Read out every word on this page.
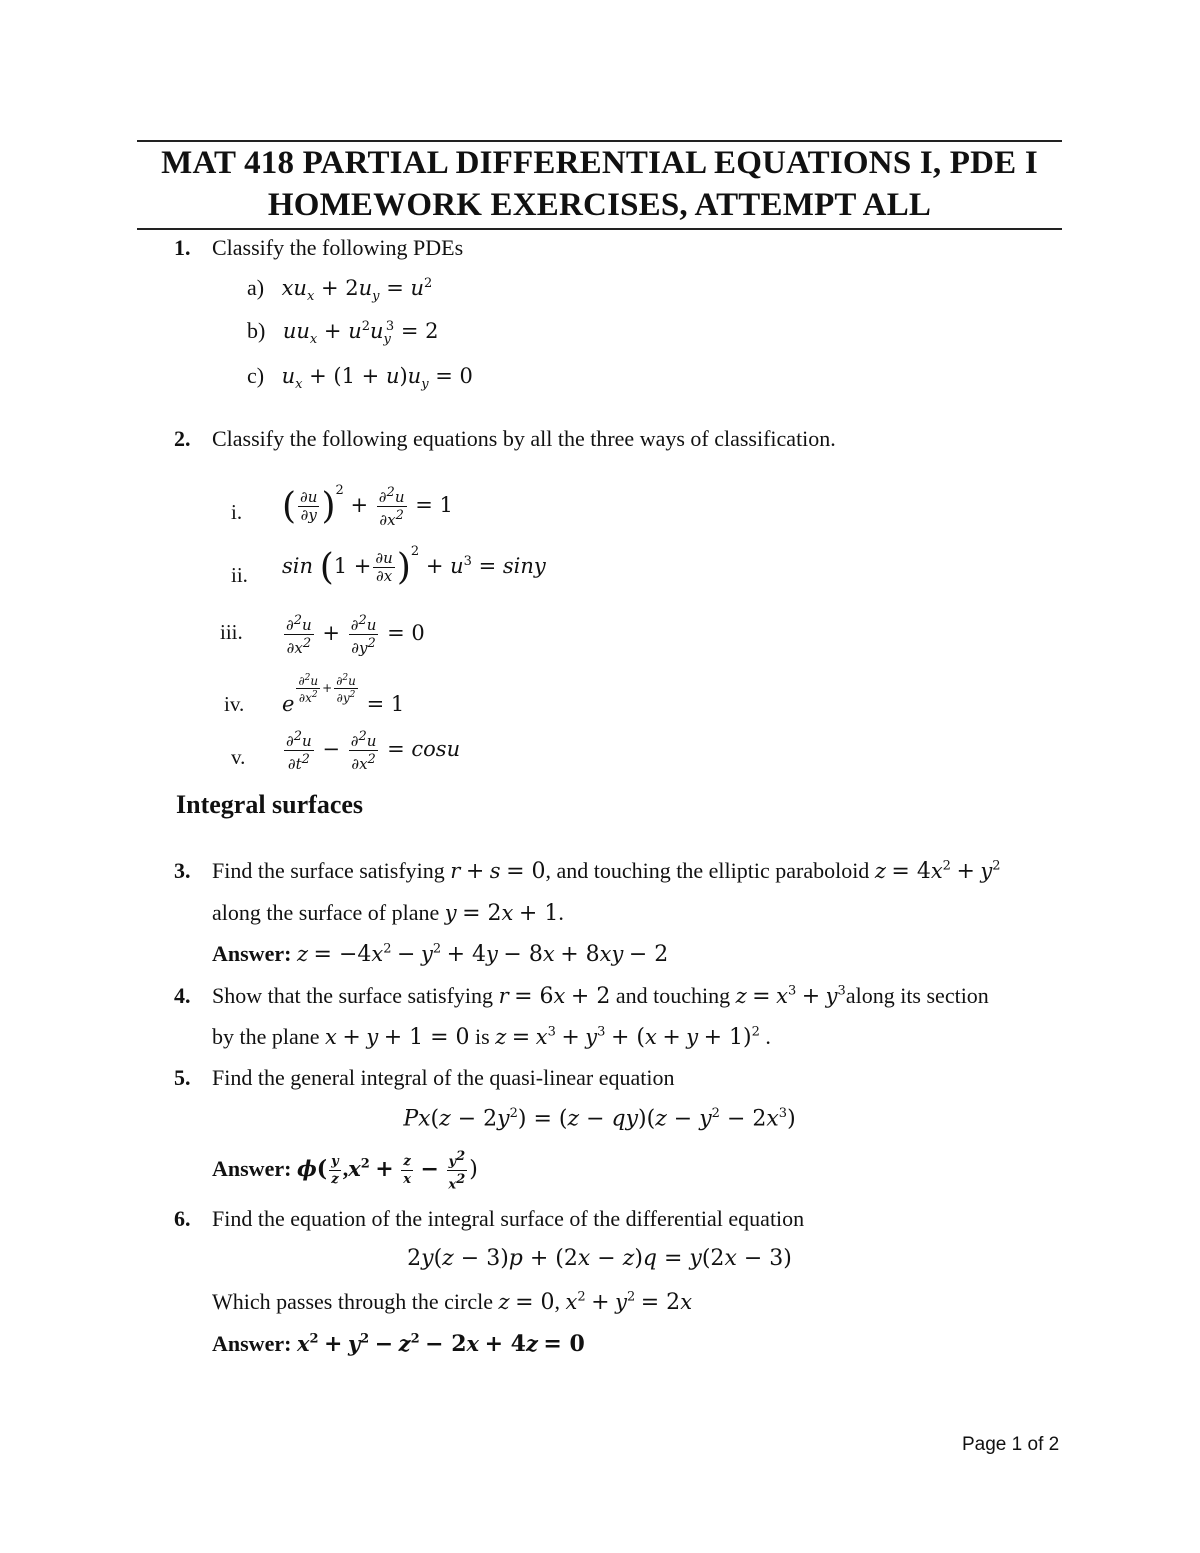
MAT 418 PARTIAL DIFFERENTIAL EQUATIONS I, PDE I
HOMEWORK EXERCISES, ATTEMPT ALL
1. Classify the following PDEs
a) $xu_x + 2u_y = u^2$
b) $uu_x + u^2u_y^3 = 2$
c) $u_x + (1 + u)u_y = 0$
2. Classify the following equations by all the three ways of classification.
i. ( $\frac{\partial u}{\partial y} )^2 + \frac{\partial^2u}{\partial x^2} = 1$
ii. $\sin (1 + \frac{\partial u}{\partial x} )^2 + u^3 = \sin y$
iii.	$\frac{\partial^2u}{\partial x^2} + \frac{\partial^2u}{\partial y^2} = 0$
iv. e $\frac{\partial^2u}{\partial x^2} + \frac{\partial^2u}{\partial y^2} = 1$
v.	$\frac{\partial^2u}{\partial t^2} - \frac{\partial^2u}{\partial x^2} = \cos u$
Integral surfaces
3. Find the surface satisfying r + s = 0, and touching the elliptic paraboloid $z = 4x^2 + y^2$
along the surface of plane y = 2x + 1.
Answer: $z = -4x^2 - y^2 + 4y - 8x + 8xy - 2$
4. Show that the surface satisfying r = 6x + 2 and touching $z = x^3$ + $y^3along$ its section
by the plane x + y + 1 = 0 is $z = x^3 + y^3 + (x + y + 1)^2$ .
5. Find the general integral of the quasi-linear equation
$Px(z - 2y^2) = (z - qy)(z - y^2 - 2x^3)$
Answer: $\phi( \frac{y}{z} ,x^2 + \frac{z}{x} - \frac{y^2}{x^2}$ )
6. Find the equation of the integral surface of the differential equation
2y(z − 3)p + (2x − z)q = y(2x − 3)
Which passes through the circle z = 0, $x^2 + y^2 = 2x$
Answer: $x^2 + y^2 - z^2 - 2x + 4z = 0$
Page 1 of 2
